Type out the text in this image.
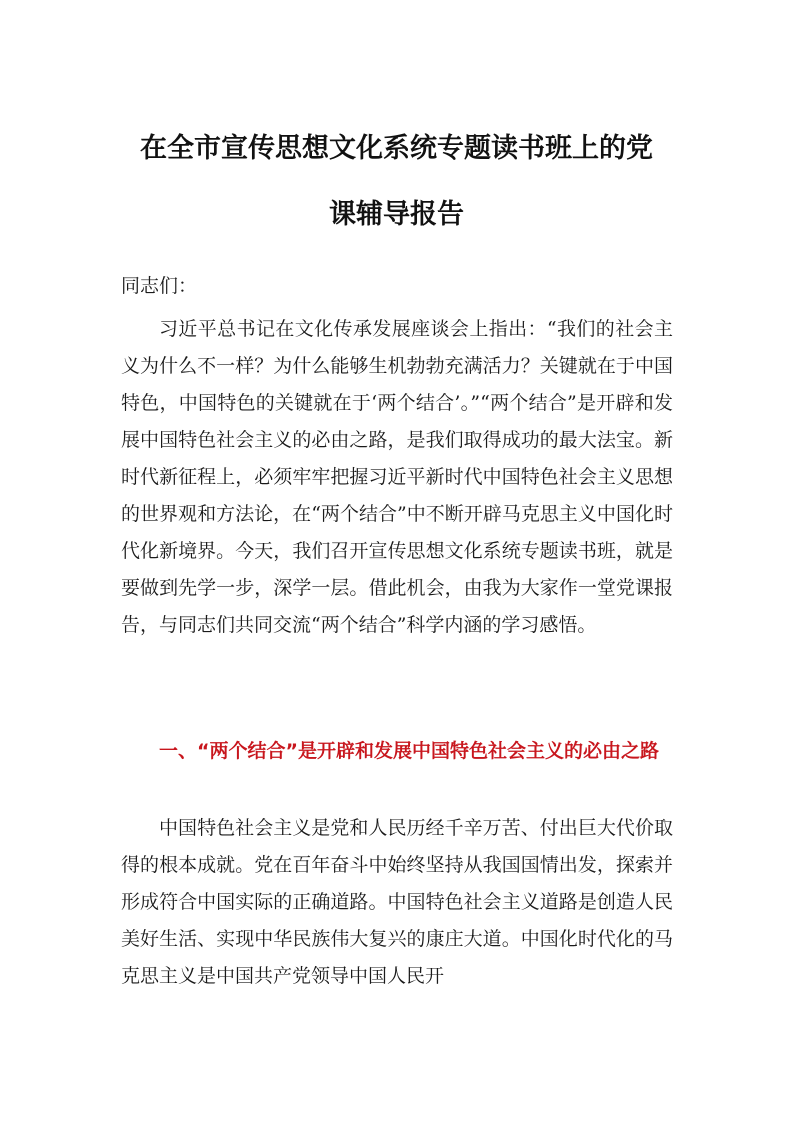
在全市宣传思想文化系统专题读书班上的党
课辅导报告
同志们：
习近平总书记在文化传承发展座谈会上指出：“我们的社会主义为什么不一样？为什么能够生机勃勃充满活力？关键就在于中国特色，中国特色的关键就在于‘两个结合’。”“两个结合”是开辟和发展中国特色社会主义的必由之路，是我们取得成功的最大法宝。新时代新征程上，必须牢牢把握习近平新时代中国特色社会主义思想的世界观和方法论，在“两个结合”中不断开辟马克思主义中国化时代化新境界。今天，我们召开宣传思想文化系统专题读书班，就是要做到先学一步，深学一层。借此机会，由我为大家作一堂党课报告，与同志们共同交流“两个结合”科学内涵的学习感悟。
一、“两个结合”是开辟和发展中国特色社会主义的必由之路
中国特色社会主义是党和人民历经千辛万苦、付出巨大代价取得的根本成就。党在百年奋斗中始终坚持从我国国情出发，探索并形成符合中国实际的正确道路。中国特色社会主义道路是创造人民美好生活、实现中华民族伟大复兴的康庄大道。中国化时代化的马克思主义是中国共产党领导中国人民开
